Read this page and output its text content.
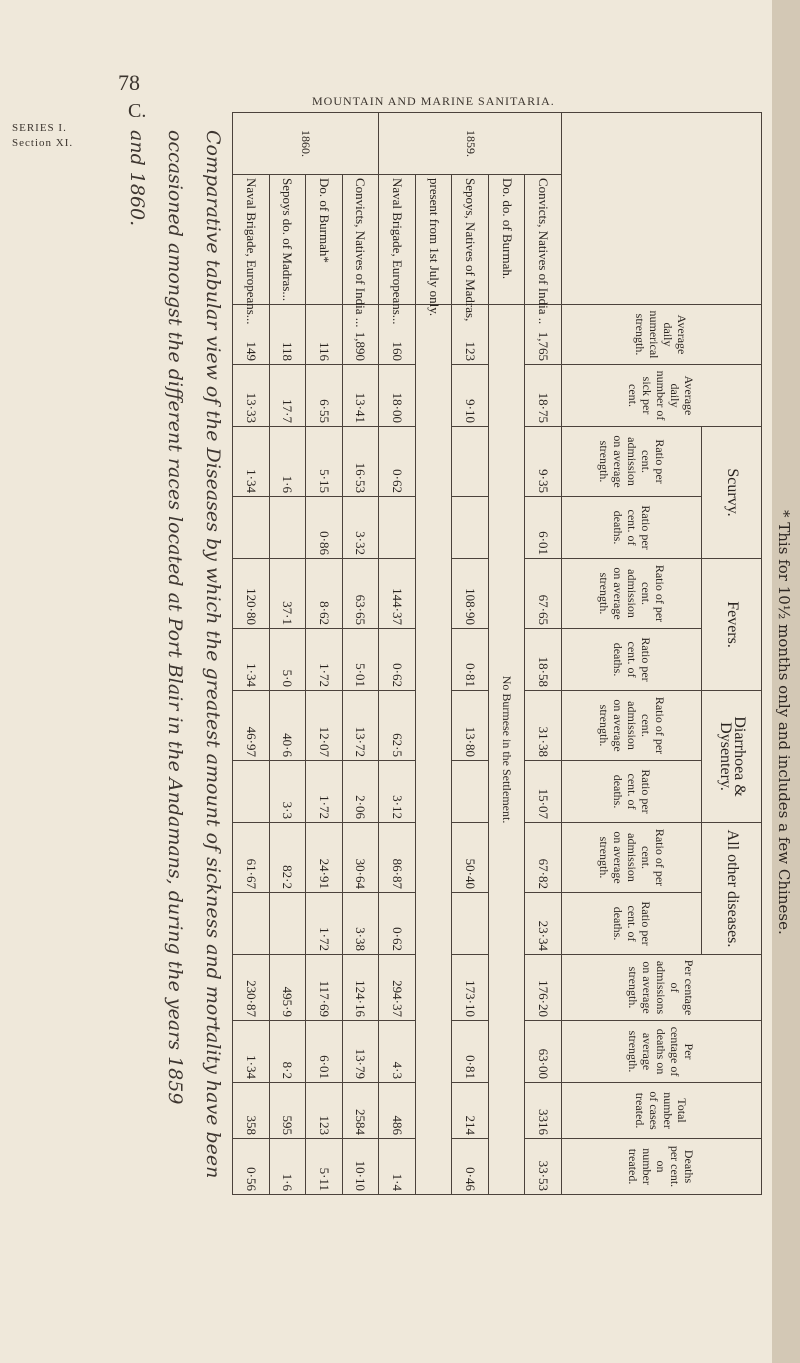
78
SERIES I.
Section XI.
MOUNTAIN AND MARINE SANITARIA.
Comparative tabular view of the Diseases by which the greatest amount of sickness and mortality have been
occasioned amongst the different races located at Port Blair in the Andamans, during the years 1859
and 1860.
C.
		Average daily numerical strength.	Average daily number of sick per cent.	Scurvy.		Fevers.		Diarrhoea & Dysentery.		All other diseases.		Per centage of admissions on average strength.	Per centage of deaths on average strength.	Total number of cases treated.	Deaths per cent. on number treated.
				Ratio per cent. admission on average strength.	Ratio per cent. of deaths.	Ratio of per cent. admission on average strength.	Ratio per cent. of deaths.	Ratio of per cent. admission on average strength.	Ratio per cent. of deaths.	Ratio of per cent. admission on average strength.	Ratio per cent. of deaths.				
1859.	Convicts, Natives of India ..	1,765	18·75	9·35	6·01	67·65	18·58	31·38	15·07	67·82	23·34	176·20	63·00	3316	33·53
	Do. do. of Burmah.	No Burmese in the Settlement.													
	Sepoys, Natives of Madras,	123	9·10			108·90	0·81	13·80		50·40		173·10	0·81	214	0·46
	present from 1st July only.														
	Naval Brigade, Europeans...	160	18·00	0·62		144·37	0·62	62·5	3·12	86·87	0·62	294·37	4·3	486	1·4
1860.	Convicts, Natives of India ...	1,890	13·41	16·53	3·32	63·65	5·01	13·72	2·06	30·64	3·38	124·16	13·79	2584	10·10
	Do. of Burmah*	116	6·55	5·15	0·86	8·62	1·72	12·07	1·72	24·91	1·72	117·69	6·01	123	5·11
	Sepoys do. of Madras...	118	17·7	1·6		37·1	5·0	40·6	3·3	82·2		495·9	8·2	595	1·6
	Naval Brigade, Europeans...	149	13·33	1·34		120·80	1·34	46·97		61·67		230·87	1·34	358	0·56
* This for 10½ months only and includes a few Chinese.
